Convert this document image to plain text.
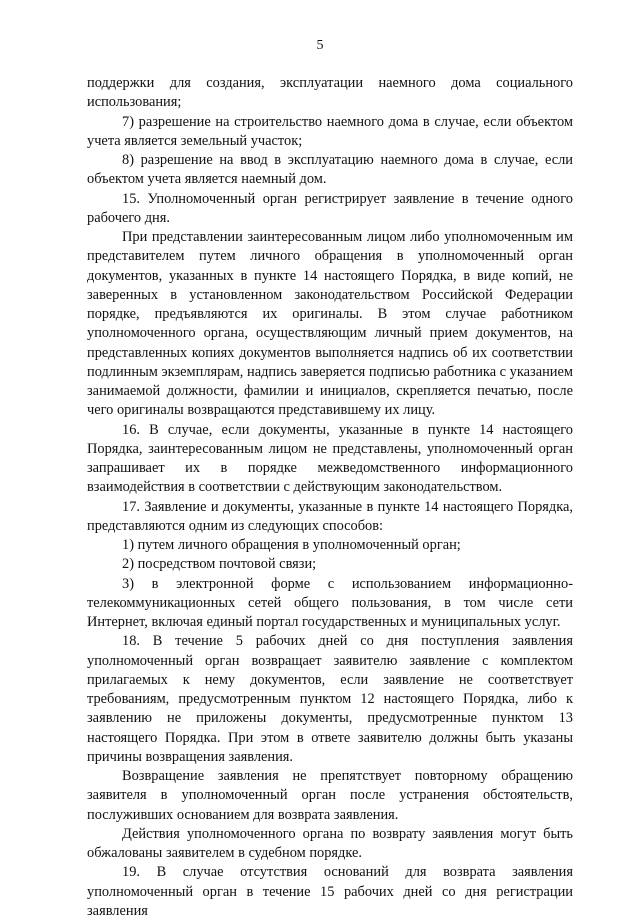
5

поддержки для создания, эксплуатации наемного дома социального использования;

7) разрешение на строительство наемного дома в случае, если объектом учета является земельный участок;

8) разрешение на ввод в эксплуатацию наемного дома в случае, если объектом учета является наемный дом.

15. Уполномоченный орган регистрирует заявление в течение одного рабочего дня.

При представлении заинтересованным лицом либо уполномоченным им представителем путем личного обращения в уполномоченный орган документов, указанных в пункте 14 настоящего Порядка, в виде копий, не заверенных в установленном законодательством Российской Федерации порядке, предъявляются их оригиналы. В этом случае работником уполномоченного органа, осуществляющим личный прием документов, на представленных копиях документов выполняется надпись об их соответствии подлинным экземплярам, надпись заверяется подписью работника с указанием занимаемой должности, фамилии и инициалов, скрепляется печатью, после чего оригиналы возвращаются представившему их лицу.

16. В случае, если документы, указанные в пункте 14 настоящего Порядка, заинтересованным лицом не представлены, уполномоченный орган запрашивает их в порядке межведомственного информационного взаимодействия в соответствии с действующим законодательством.

17. Заявление и документы, указанные в пункте 14 настоящего Порядка, представляются одним из следующих способов:

1) путем личного обращения в уполномоченный орган;

2) посредством почтовой связи;

3) в электронной форме с использованием информационно-телекоммуникационных сетей общего пользования, в том числе сети Интернет, включая единый портал государственных и муниципальных услуг.

18. В течение 5 рабочих дней со дня поступления заявления уполномоченный орган возвращает заявителю заявление с комплектом прилагаемых к нему документов, если заявление не соответствует требованиям, предусмотренным пунктом 12 настоящего Порядка, либо к заявлению не приложены документы, предусмотренные пунктом 13 настоящего Порядка. При этом в ответе заявителю должны быть указаны причины возвращения заявления.

Возвращение заявления не препятствует повторному обращению заявителя в уполномоченный орган после устранения обстоятельств, послуживших основанием для возврата заявления.

Действия уполномоченного органа по возврату заявления могут быть обжалованы заявителем в судебном порядке.

19. В случае отсутствия оснований для возврата заявления уполномоченный орган в течение 15 рабочих дней со дня регистрации заявления
